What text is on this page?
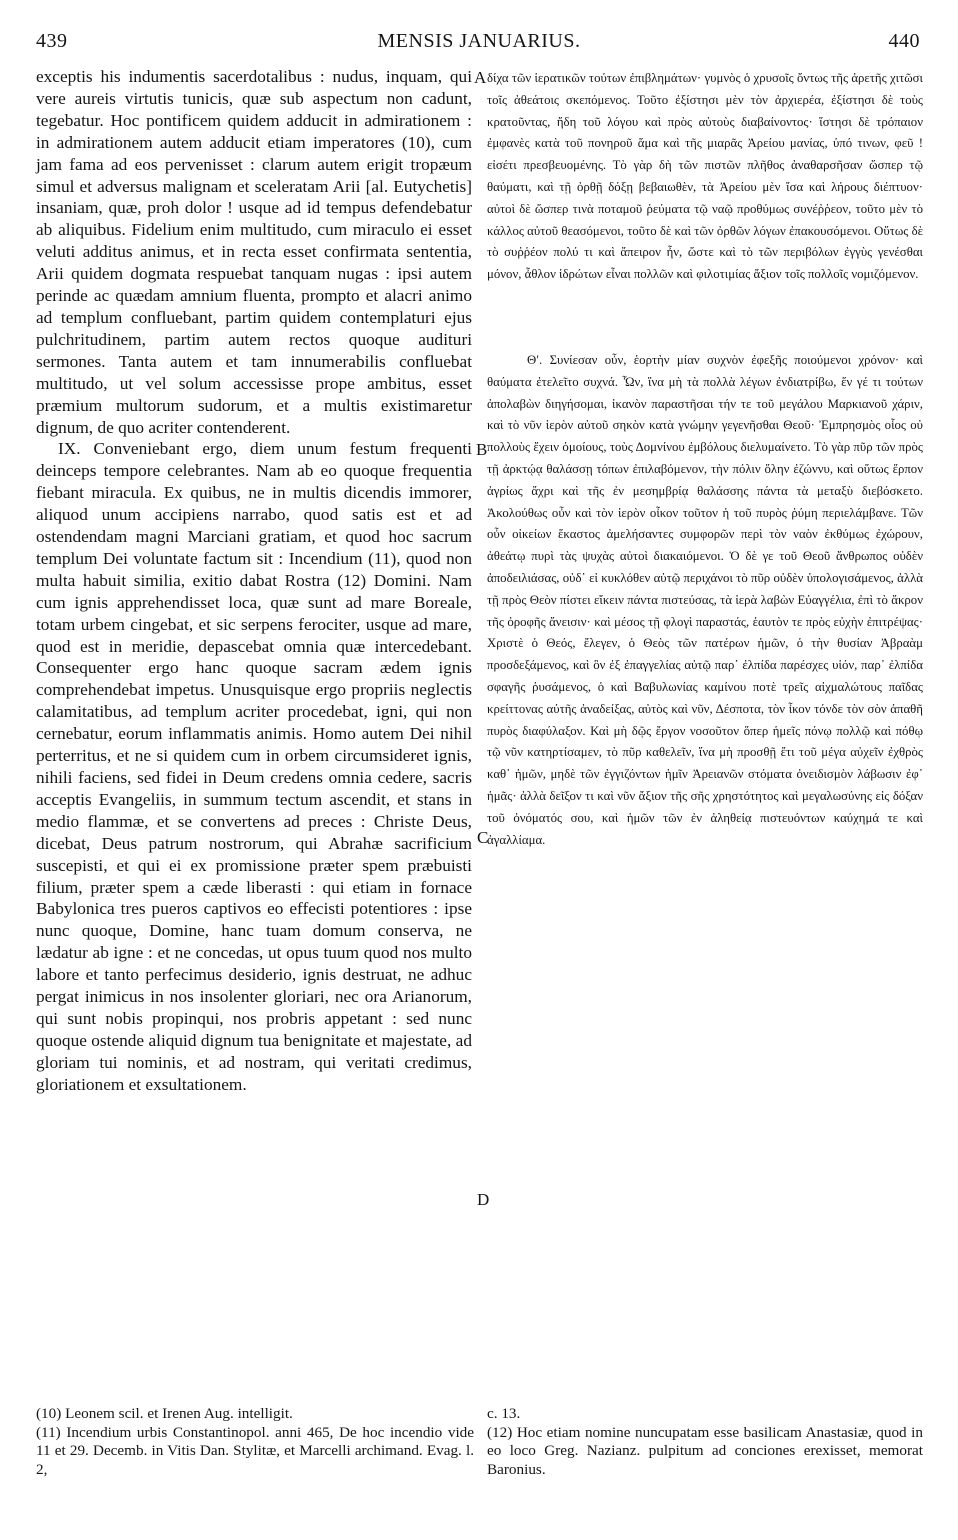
439	MENSIS JANUARIUS.	440

exceptis his indumentis sacerdotalibus : nudus, inquam, qui vere aureis virtutis tunicis, quæ sub aspectum non cadunt, tegebatur. Hoc pontificem quidem adducit in admirationem : in admirationem autem adducit etiam imperatores (10), cum jam fama ad eos pervenisset : clarum autem erigit tropæum simul et adversus malignam et sceleratam Arii [al. Eutychetis] insaniam, quæ, proh dolor ! usque ad id tempus defendebatur ab aliquibus. Fidelium enim multitudo, cum miraculo ei esset veluti additus animus, et in recta esset confirmata sententia, Arii quidem dogmata respuebat tanquam nugas : ipsi autem perinde ac quædam amnium fluenta, prompto et alacri animo ad templum confluebant, partim quidem contemplaturi ejus pulchritudinem, partim autem rectos quoque audituri sermones. Tanta autem et tam innumerabilis confluebat multitudo, ut vel solum accessisse prope ambitus, esset præmium multorum sudorum, et a multis existimaretur dignum, de quo acriter contenderent.

IX. Conveniebant ergo, diem unum festum frequenti deinceps tempore celebrantes. Nam ab eo quoque frequentia fiebant miracula. Ex quibus, ne in multis dicendis immorer, aliquod unum accipiens narrabo, quod satis est et ad ostendendam magni Marciani gratiam, et quod hoc sacrum templum Dei voluntate factum sit : Incendium (11), quod non multa habuit similia, exitio dabat Rostra (12) Domini. Nam cum ignis apprehendisset loca, quæ sunt ad mare Boreale, totam urbem cingebat, et sic serpens ferociter, usque ad mare, quod est in meridie, depascebat omnia quæ intercedebant. Consequenter ergo hanc quoque sacram ædem ignis comprehendebat impetus. Unusquisque ergo propriis neglectis calamitatibus, ad templum acriter procedebat, igni, qui non cernebatur, eorum inflammatis animis. Homo autem Dei nihil perterritus, et ne si quidem cum in orbem circumsideret ignis, nihili faciens, sed fidei in Deum credens omnia cedere, sacris acceptis Evangeliis, in summum tectum ascendit, et stans in medio flammæ, et se convertens ad preces : Christe Deus, dicebat, Deus patrum nostrorum, qui Abrahæ sacrificium suscepisti, et qui ei ex promissione præter spem præbuisti filium, præter spem a cæde liberasti : qui etiam in fornace Babylonica tres pueros captivos eo effecisti potentiores : ipse nunc quoque, Domine, hanc tuam domum conserva, ne lædatur ab igne : et ne concedas, ut opus tuum quod nos multo labore et tanto perfecimus desiderio, ignis destruat, ne adhuc pergat inimicus in nos insolenter gloriari, nec ora Arianorum, qui sunt nobis propinqui, nos probris appetant : sed nunc quoque ostende aliquid dignum tua benignitate et majestate, ad gloriam tui nominis, et ad nostram, qui veritati credimus, gloriationem et exsultationem.

δίχα τῶν ἱερατικῶν τούτων ἐπιβλημάτων· γυμνὸς ὁ χρυσοῖς ὄντως τῆς ἀρετῆς χιτῶσι τοῖς ἀθεάτοις σκεπόμενος. Τοῦτο ἐξίστησι μὲν τὸν ἀρχιερέα, ἐξίστησι δὲ τοὺς κρατοῦντας, ἤδη τοῦ λόγου καὶ πρὸς αὐτοὺς διαβαίνοντος· ἵστησι δὲ τρόπαιον ἐμφανὲς κατὰ τοῦ πονηροῦ ἅμα καὶ τῆς μιαρᾶς Ἀρείου μανίας, ὑπό τινων, φεῦ ! εἰσέτι πρεσβευομένης. Τὸ γὰρ δὴ τῶν πιστῶν πλῆθος ἀναθαρσῆσαν ὥσπερ τῷ θαύματι, καὶ τῇ ὀρθῇ δόξῃ βεβαιωθὲν, τὰ Ἀρείου μὲν ἴσα καὶ λήρους διέπτυον· αὐτοὶ δὲ ὥσπερ τινὰ ποταμοῦ ῥεύματα τῷ ναῷ προθύμως συνέῤῥεον, τοῦτο μὲν τὸ κάλλος αὐτοῦ θεασόμενοι, τοῦτο δὲ καὶ τῶν ὀρθῶν λόγων ἐπακουσόμενοι. Οὕτως δὲ τὸ συῤῥέον πολύ τι καὶ ἄπειρον ἦν, ὥστε καὶ τὸ τῶν περιβόλων ἐγγὺς γενέσθαι μόνον, ἆθλον ἱδρώτων εἶναι πολλῶν καὶ φιλοτιμίας ἄξιον τοῖς πολλοῖς νομιζόμενον.

Θʹ. Συνίεσαν οὖν, ἑορτὴν μίαν συχνὸν ἐφεξῆς ποιούμενοι χρόνον· καὶ θαύματα ἐτελεῖτο συχνά. Ὧν, ἵνα μὴ τὰ πολλὰ λέγων ἐνδιατρίβω, ἕν γέ τι τούτων ἀπολαβὼν διηγήσομαι, ἱκανὸν παραστῆσαι τήν τε τοῦ μεγάλου Μαρκιανοῦ χάριν, καὶ τὸ νῦν ἱερὸν αὐτοῦ σηκὸν κατὰ γνώμην γεγενῆσθαι Θεοῦ· Ἐμπρησμὸς οἷος οὐ πολλοὺς ἔχειν ὁμοίους, τοὺς Δομνίνου ἐμβόλους διελυμαίνετο. Τὸ γὰρ πῦρ τῶν πρὸς τῇ ἀρκτῴᾳ θαλάσσῃ τόπων ἐπιλαβόμενον, τὴν πόλιν ὅλην ἐζώννυ, καὶ οὕτως ἕρπον ἀγρίως ἄχρι καὶ τῆς ἐν μεσημβρίᾳ θαλάσσης πάντα τὰ μεταξὺ διεβόσκετο. Ἀκολούθως οὖν καὶ τὸν ἱερὸν οἶκον τοῦτον ἡ τοῦ πυρὸς ῥύμη περιελάμβανε. Τῶν οὖν οἰκείων ἕκαστος ἀμελήσαντες συμφορῶν περὶ τὸν ναὸν ἐκθύμως ἐχώρουν, ἀθεάτῳ πυρὶ τὰς ψυχὰς αὐτοὶ διακαιόμενοι. Ὁ δὲ γε τοῦ Θεοῦ ἄνθρωπος οὐδὲν ἀποδειλιάσας, οὐδ᾽ εἰ κυκλόθεν αὐτῷ περιχάνοι τὸ πῦρ οὐδὲν ὑπολογισάμενος, ἀλλὰ τῇ πρὸς Θεὸν πίστει εἴκειν πάντα πιστεύσας, τὰ ἱερὰ λαβὼν Εὐαγγέλια, ἐπὶ τὸ ἄκρον τῆς ὀροφῆς ἄνεισιν· καὶ μέσος τῇ φλογὶ παραστάς, ἑαυτὸν τε πρὸς εὐχὴν ἐπιτρέψας· Χριστὲ ὁ Θεός, ἔλεγεν, ὁ Θεὸς τῶν πατέρων ἡμῶν, ὁ τὴν θυσίαν Ἀβραὰμ προσδεξάμενος, καὶ ὃν ἐξ ἐπαγγελίας αὐτῷ παρ᾽ ἐλπίδα παρέσχες υἱόν, παρ᾽ ἐλπίδα σφαγῆς ῥυσάμενος, ὁ καὶ Βαβυλωνίας καμίνου ποτὲ τρεῖς αἰχμαλώτους παῖδας κρείττονας αὐτῆς ἀναδείξας, αὐτὸς καὶ νῦν, Δέσποτα, τὸν ἶκον τόνδε τὸν σὸν ἀπαθῆ πυρὸς διαφύλαξον. Καὶ μὴ δῷς ἔργον νοσοῦτον ὅπερ ἡμεῖς πόνῳ πολλῷ καὶ πόθῳ τῷ νῦν κατηρτίσαμεν, τὸ πῦρ καθελεῖν, ἵνα μὴ προσθῇ ἔτι τοῦ μέγα αὐχεῖν ἐχθρὸς καθ᾽ ἡμῶν, μηδὲ τῶν ἐγγιζόντων ἡμῖν Ἀρειανῶν στόματα ὀνειδισμὸν λάβωσιν ἐφ᾽ ἡμᾶς· ἀλλὰ δεῖξον τι καὶ νῦν ἄξιον τῆς σῆς χρηστότητος καὶ μεγαλωσύνης εἰς δόξαν τοῦ ὀνόματός σου, καὶ ἡμῶν τῶν ἐν ἀληθείᾳ πιστευόντων καύχημά τε καὶ ἀγαλλίαμα.

A
B
C
D

(10) Leonem scil. et Irenen Aug. intelligit.

(11) Incendium urbis Constantinopol. anni 465, De hoc incendio vide 11 et 29. Decemb. in Vitis Dan. Stylitæ, et Marcelli archimand. Evag. l. 2,

c. 13.

(12) Hoc etiam nomine nuncupatam esse basilicam Anastasiæ, quod in eo loco Greg. Nazianz. pulpitum ad conciones erexisset, memorat Baronius.
